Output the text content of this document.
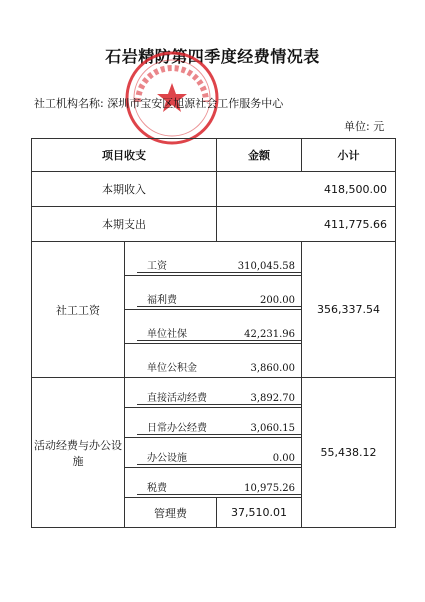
石岩精防第四季度经费情况表
社工机构名称: 深圳市宝安区旭源社会工作服务中心
单位: 元
项目收支		金额	小计
本期收入		418,500.00	
本期支出		411,775.66	
社工工资	工资 310,045.58		356,337.54

	福利费 200.00		

	单位社保 42,231.96		

	单位公积金 3,860.00		

活动经费与办公设施	直接活动经费 3,892.70		55,438.12

	日常办公经费 3,060.15		

	办公设施 0.00		

	税费 10,975.26		

	管理费	37,510.01	
